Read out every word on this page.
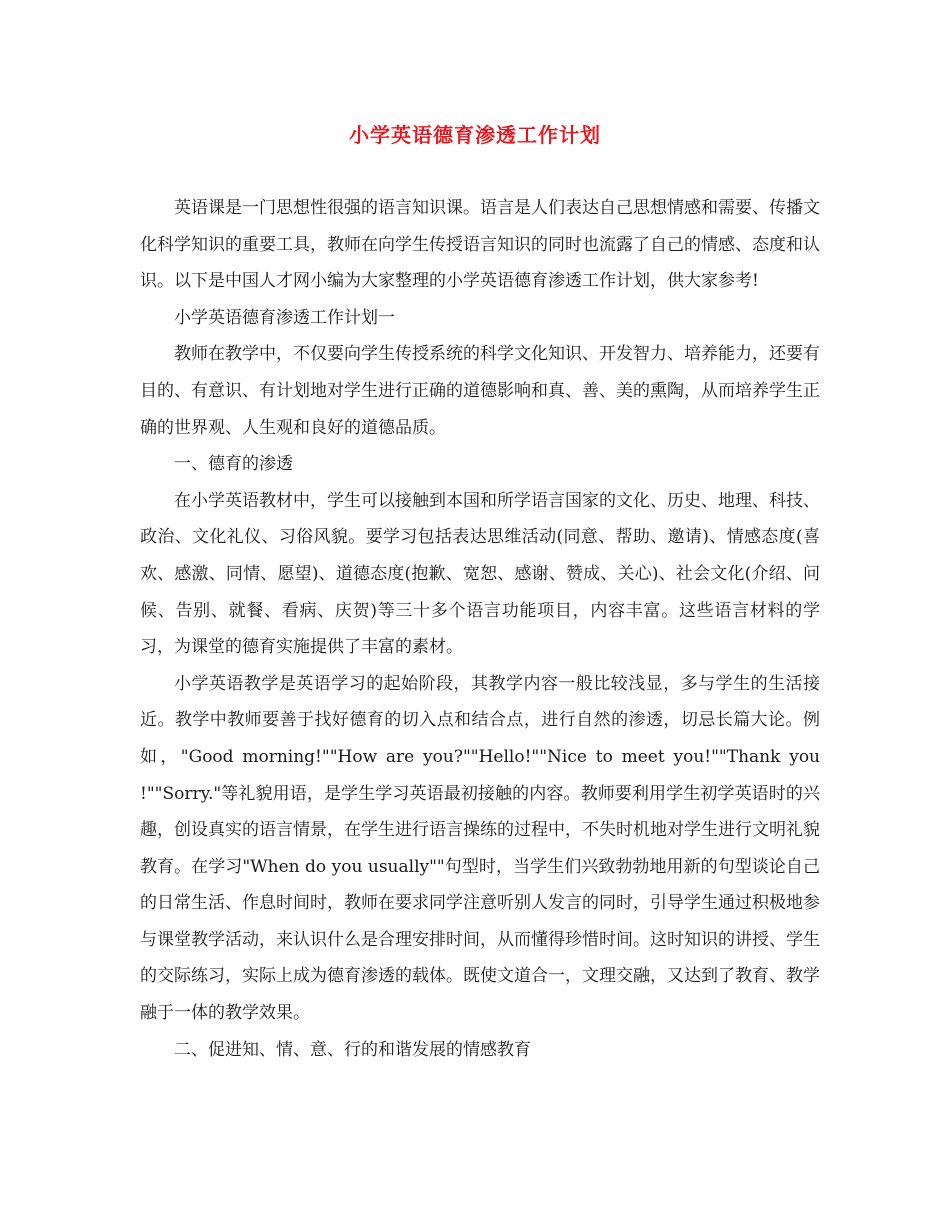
小学英语德育渗透工作计划

英语课是一门思想性很强的语言知识课。语言是人们表达自己思想情感和需要、传播文化科学知识的重要工具，教师在向学生传授语言知识的同时也流露了自己的情感、态度和认识。以下是中国人才网小编为大家整理的小学英语德育渗透工作计划，供大家参考!

小学英语德育渗透工作计划一

教师在教学中，不仅要向学生传授系统的科学文化知识、开发智力、培养能力，还要有目的、有意识、有计划地对学生进行正确的道德影响和真、善、美的熏陶，从而培养学生正确的世界观、人生观和良好的道德品质。

一、德育的渗透

在小学英语教材中，学生可以接触到本国和所学语言国家的文化、历史、地理、科技、政治、文化礼仪、习俗风貌。要学习包括表达思维活动(同意、帮助、邀请)、情感态度(喜欢、感激、同情、愿望)、道德态度(抱歉、宽恕、感谢、赞成、关心)、社会文化(介绍、问候、告别、就餐、看病、庆贺)等三十多个语言功能项目，内容丰富。这些语言材料的学习，为课堂的德育实施提供了丰富的素材。

小学英语教学是英语学习的起始阶段，其教学内容一般比较浅显，多与学生的生活接近。教学中教师要善于找好德育的切入点和结合点，进行自然的渗透，切忌长篇大论。例如，"Good morning!""How are you?""Hello!""Nice to meet you!""Thank you !""Sorry."等礼貌用语，是学生学习英语最初接触的内容。教师要利用学生初学英语时的兴趣，创设真实的语言情景，在学生进行语言操练的过程中，不失时机地对学生进行文明礼貌教育。在学习"When do you usually""句型时，当学生们兴致勃勃地用新的句型谈论自己的日常生活、作息时间时，教师在要求同学注意听别人发言的同时，引导学生通过积极地参与课堂教学活动，来认识什么是合理安排时间，从而懂得珍惜时间。这时知识的讲授、学生的交际练习，实际上成为德育渗透的载体。既使文道合一，文理交融，又达到了教育、教学融于一体的教学效果。

二、促进知、情、意、行的和谐发展的情感教育
